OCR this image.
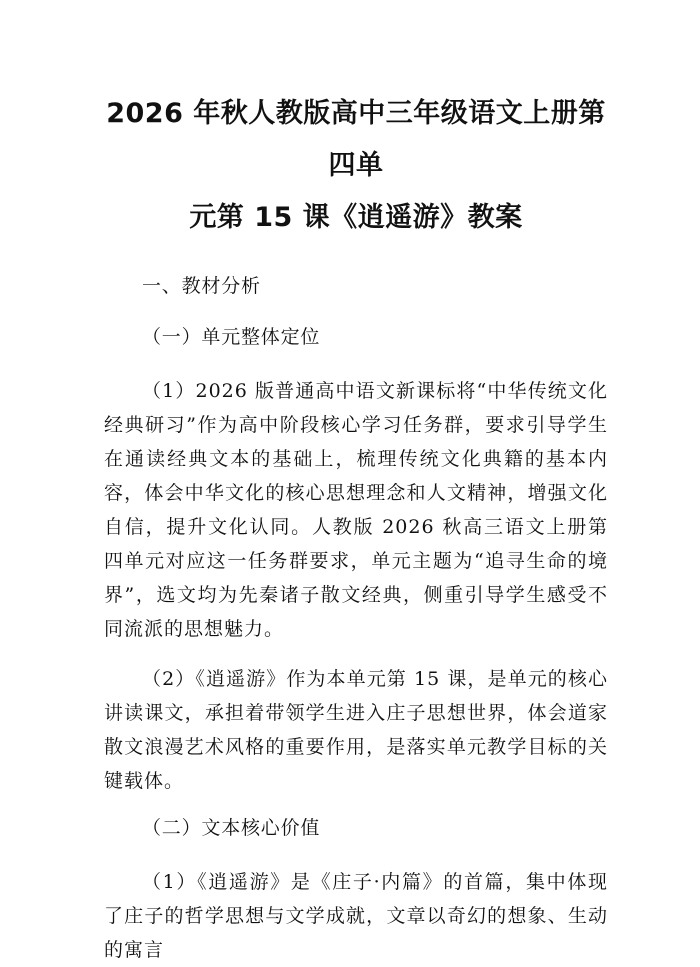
2026 年秋人教版高中三年级语文上册第四单
元第 15 课《逍遥游》教案

一、教材分析

（一）单元整体定位

（1）2026 版普通高中语文新课标将“中华传统文化经典研习”作为高中阶段核心学习任务群，要求引导学生在通读经典文本的基础上，梳理传统文化典籍的基本内容，体会中华文化的核心思想理念和人文精神，增强文化自信，提升文化认同。人教版 2026 秋高三语文上册第四单元对应这一任务群要求，单元主题为“追寻生命的境界”，选文均为先秦诸子散文经典，侧重引导学生感受不同流派的思想魅力。

（2）《逍遥游》作为本单元第 15 课，是单元的核心讲读课文，承担着带领学生进入庄子思想世界，体会道家散文浪漫艺术风格的重要作用，是落实单元教学目标的关键载体。

（二）文本核心价值

（1）《逍遥游》是《庄子·内篇》的首篇，集中体现了庄子的哲学思想与文学成就，文章以奇幻的想象、生动的寓言
